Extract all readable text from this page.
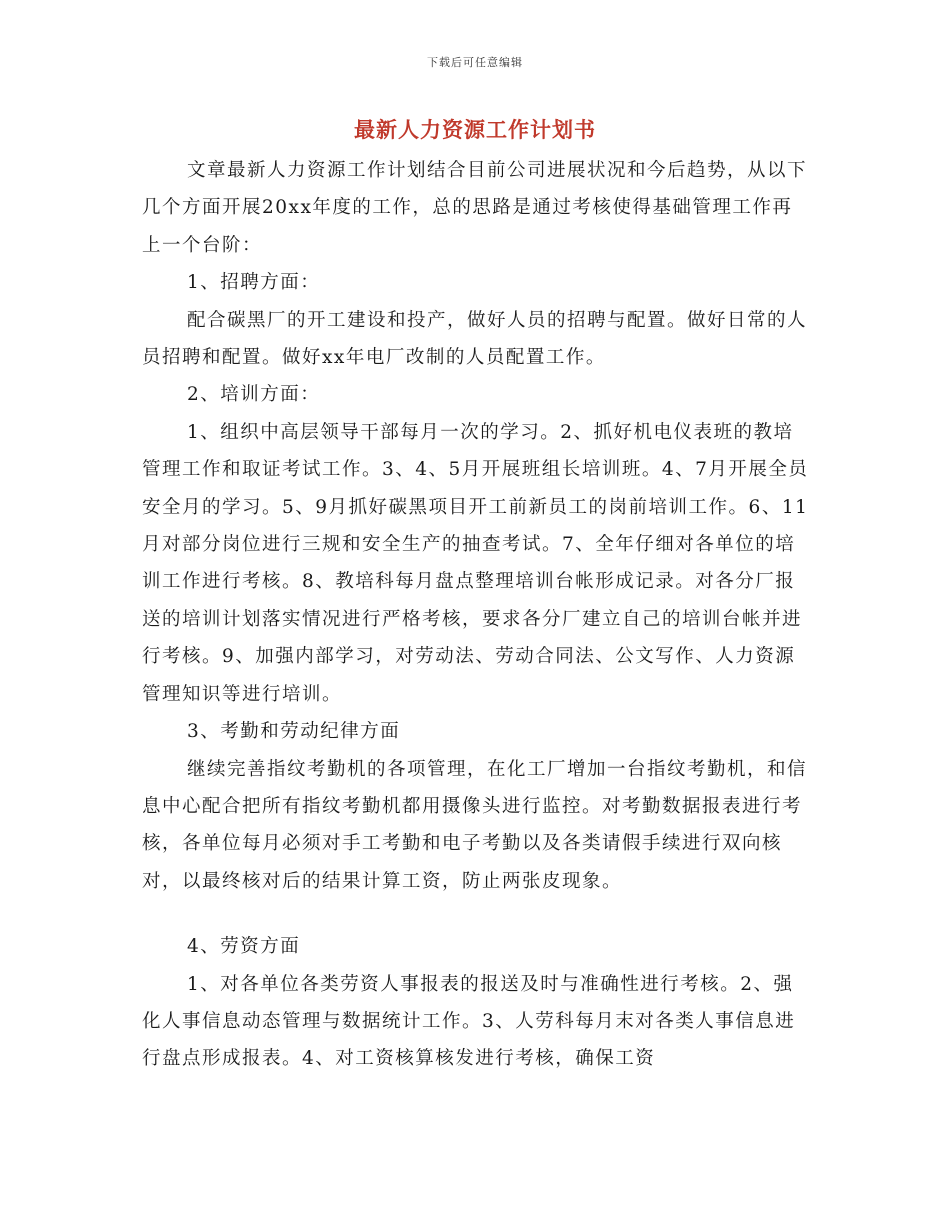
下载后可任意编辑
最新人力资源工作计划书

文章最新人力资源工作计划结合目前公司进展状况和今后趋势，从以下几个方面开展20xx年度的工作，总的思路是通过考核使得基础管理工作再上一个台阶：

1、招聘方面：

配合碳黑厂的开工建设和投产，做好人员的招聘与配置。做好日常的人员招聘和配置。做好xx年电厂改制的人员配置工作。

2、培训方面：

1、组织中高层领导干部每月一次的学习。2、抓好机电仪表班的教培管理工作和取证考试工作。3、4、5月开展班组长培训班。4、7月开展全员安全月的学习。5、9月抓好碳黑项目开工前新员工的岗前培训工作。6、11月对部分岗位进行三规和安全生产的抽查考试。7、全年仔细对各单位的培训工作进行考核。8、教培科每月盘点整理培训台帐形成记录。对各分厂报送的培训计划落实情况进行严格考核，要求各分厂建立自己的培训台帐并进行考核。9、加强内部学习，对劳动法、劳动合同法、公文写作、人力资源管理知识等进行培训。

3、考勤和劳动纪律方面

继续完善指纹考勤机的各项管理，在化工厂增加一台指纹考勤机，和信息中心配合把所有指纹考勤机都用摄像头进行监控。对考勤数据报表进行考核，各单位每月必须对手工考勤和电子考勤以及各类请假手续进行双向核对，以最终核对后的结果计算工资，防止两张皮现象。

4、劳资方面

1、对各单位各类劳资人事报表的报送及时与准确性进行考核。2、强化人事信息动态管理与数据统计工作。3、人劳科每月末对各类人事信息进行盘点形成报表。4、对工资核算核发进行考核，确保工资
